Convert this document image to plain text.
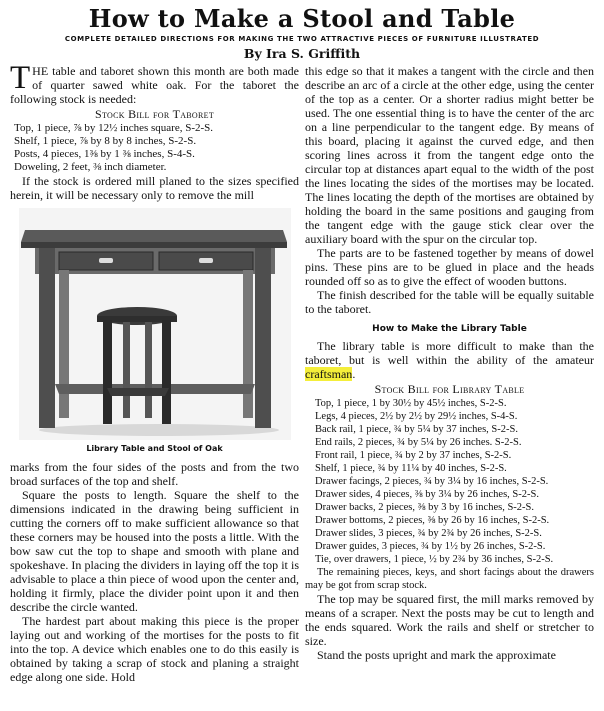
How to Make a Stool and Table
COMPLETE DETAILED DIRECTIONS FOR MAKING THE TWO ATTRACTIVE PIECES OF FURNITURE ILLUSTRATED
By Ira S. Griffith

THE table and taboret shown this month are both made of quarter sawed white oak. For the taboret the following stock is needed:

Stock Bill for Taboret
Top, 1 piece, ⅞ by 12½ inches square, S-2-S.
Shelf, 1 piece, ⅞ by 8 by 8 inches, S-2-S.
Posts, 4 pieces, 1⅜ by 1 ⅜ inches, S-4-S.
Doweling, 2 feet, ⅜ inch diameter.

If the stock is ordered mill planed to the sizes specified herein, it will be necessary only to remove the mill

Library Table and Stool of Oak

marks from the four sides of the posts and from the two broad surfaces of the top and shelf.

Square the posts to length. Square the shelf to the dimensions indicated in the drawing being sufficient in cutting the corners off to make sufficient allowance so that these corners may be housed into the posts a little. With the bow saw cut the top to shape and smooth with plane and spokeshave. In placing the dividers in laying off the top it is advisable to place a thin piece of wood upon the center and, holding it firmly, place the divider point upon it and then describe the circle wanted.

The hardest part about making this piece is the proper laying out and working of the mortises for the posts to fit into the top. A device which enables one to do this easily is obtained by taking a scrap of stock and planing a straight edge along one side. Hold

this edge so that it makes a tangent with the circle and then describe an arc of a circle at the other edge, using the center of the top as a center. Or a shorter radius might better be used. The one essential thing is to have the center of the arc on a line perpendicular to the tangent edge. By means of this board, placing it against the curved edge, and then scoring lines across it from the tangent edge onto the circular top at distances apart equal to the width of the post the lines locating the sides of the mortises may be located. The lines locating the depth of the mortises are obtained by holding the board in the same positions and gauging from the tangent edge with the gauge stick clear over the auxiliary board with the spur on the circular top.

The parts are to be fastened together by means of dowel pins. These pins are to be glued in place and the heads rounded off so as to give the effect of wooden buttons.

The finish described for the table will be equally suitable to the taboret.

How to Make the Library Table

The library table is more difficult to make than the taboret, but is well within the ability of the amateur craftsman.

Stock Bill for Library Table
Top, 1 piece, 1 by 30½ by 45½ inches, S-2-S.
Legs, 4 pieces, 2½ by 2½ by 29½ inches, S-4-S.
Back rail, 1 piece, ¾ by 5¼ by 37 inches, S-2-S.
End rails, 2 pieces, ¾ by 5¼ by 26 inches. S-2-S.
Front rail, 1 piece, ¾ by 2 by 37 inches, S-2-S.
Shelf, 1 piece, ¾ by 11¼ by 40 inches, S-2-S.
Drawer facings, 2 pieces, ¾ by 3¼ by 16 inches, S-2-S.
Drawer sides, 4 pieces, ⅜ by 3¼ by 26 inches, S-2-S.
Drawer backs, 2 pieces, ⅜ by 3 by 16 inches, S-2-S.
Drawer bottoms, 2 pieces, ⅜ by 26 by 16 inches, S-2-S.
Drawer slides, 3 pieces, ¾ by 2¾ by 26 inches, S-2-S.
Drawer guides, 3 pieces, ¾ by 1½ by 26 inches, S-2-S.
Tie, over drawers, 1 piece, ½ by 2¾ by 36 inches, S-2-S.

The remaining pieces, keys, and short facings about the drawers may be got from scrap stock.

The top may be squared first, the mill marks removed by means of a scraper. Next the posts may be cut to length and the ends squared. Work the rails and shelf or stretcher to size.

Stand the posts upright and mark the approximate
